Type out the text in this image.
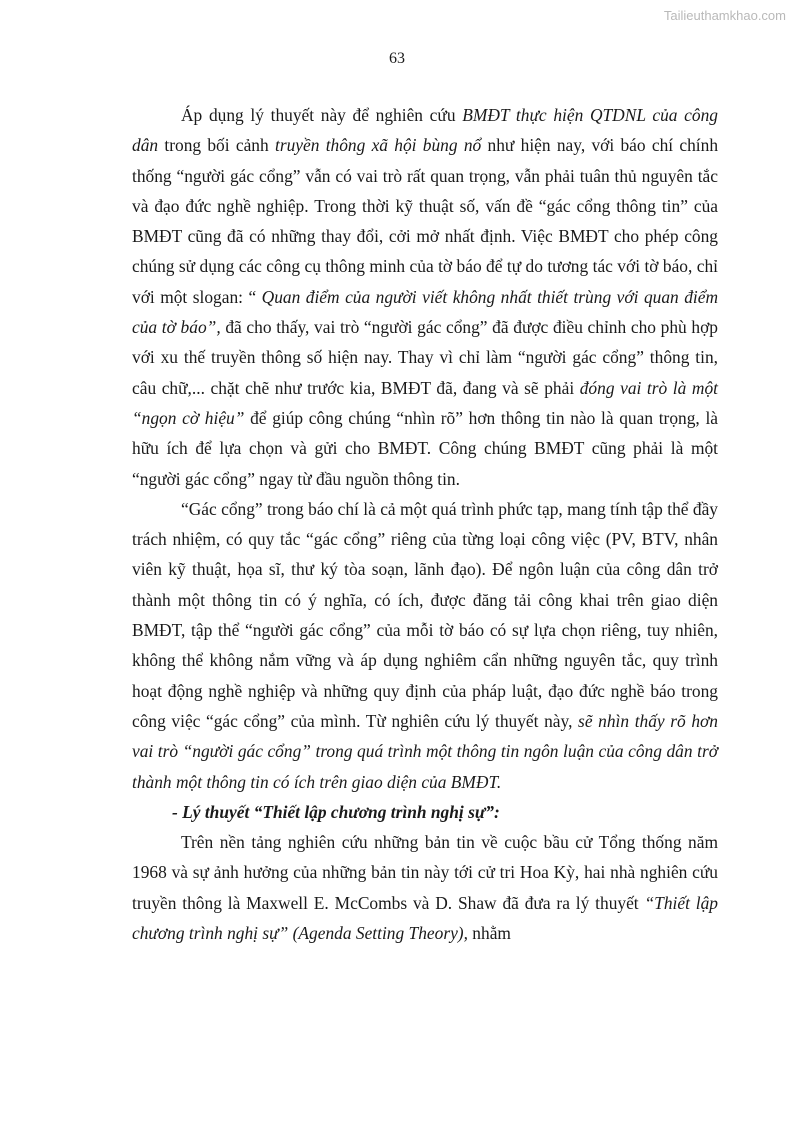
Tailieuthamkhao.com
63

Áp dụng lý thuyết này để nghiên cứu BMĐT thực hiện QTDNL của công dân trong bối cảnh truyền thông xã hội bùng nổ như hiện nay, với báo chí chính thống “người gác cổng” vẫn có vai trò rất quan trọng, vẫn phải tuân thủ nguyên tắc và đạo đức nghề nghiệp. Trong thời kỹ thuật số, vấn đề “gác cổng thông tin” của BMĐT cũng đã có những thay đổi, cởi mở nhất định. Việc BMĐT cho phép công chúng sử dụng các công cụ thông minh của tờ báo để tự do tương tác với tờ báo, chỉ với một slogan: “ Quan điểm của người viết không nhất thiết trùng với quan điểm của tờ báo”, đã cho thấy, vai trò “người gác cổng” đã được điều chỉnh cho phù hợp với xu thế truyền thông số hiện nay. Thay vì chỉ làm “người gác cổng” thông tin, câu chữ,... chặt chẽ như trước kia, BMĐT đã, đang và sẽ phải đóng vai trò là một “ngọn cờ hiệu” để giúp công chúng “nhìn rõ” hơn thông tin nào là quan trọng, là hữu ích để lựa chọn và gửi cho BMĐT. Công chúng BMĐT cũng phải là một “người gác cổng” ngay từ đầu nguồn thông tin.

“Gác cổng” trong báo chí là cả một quá trình phức tạp, mang tính tập thể đầy trách nhiệm, có quy tắc “gác cổng” riêng của từng loại công việc (PV, BTV, nhân viên kỹ thuật, họa sĩ, thư ký tòa soạn, lãnh đạo). Để ngôn luận của công dân trở thành một thông tin có ý nghĩa, có ích, được đăng tải công khai trên giao diện BMĐT, tập thể “người gác cổng” của mỗi tờ báo có sự lựa chọn riêng, tuy nhiên, không thể không nắm vững và áp dụng nghiêm cẩn những nguyên tắc, quy trình hoạt động nghề nghiệp và những quy định của pháp luật, đạo đức nghề báo trong công việc “gác cổng” của mình. Từ nghiên cứu lý thuyết này, sẽ nhìn thấy rõ hơn vai trò “người gác cổng” trong quá trình một thông tin ngôn luận của công dân trở thành một thông tin có ích trên giao diện của BMĐT.

- Lý thuyết “Thiết lập chương trình nghị sự”:

Trên nền tảng nghiên cứu những bản tin về cuộc bầu cử Tổng thống năm 1968 và sự ảnh hưởng của những bản tin này tới cử tri Hoa Kỳ, hai nhà nghiên cứu truyền thông là Maxwell E. McCombs và D. Shaw đã đưa ra lý thuyết “Thiết lập chương trình nghị sự” (Agenda Setting Theory), nhằm
